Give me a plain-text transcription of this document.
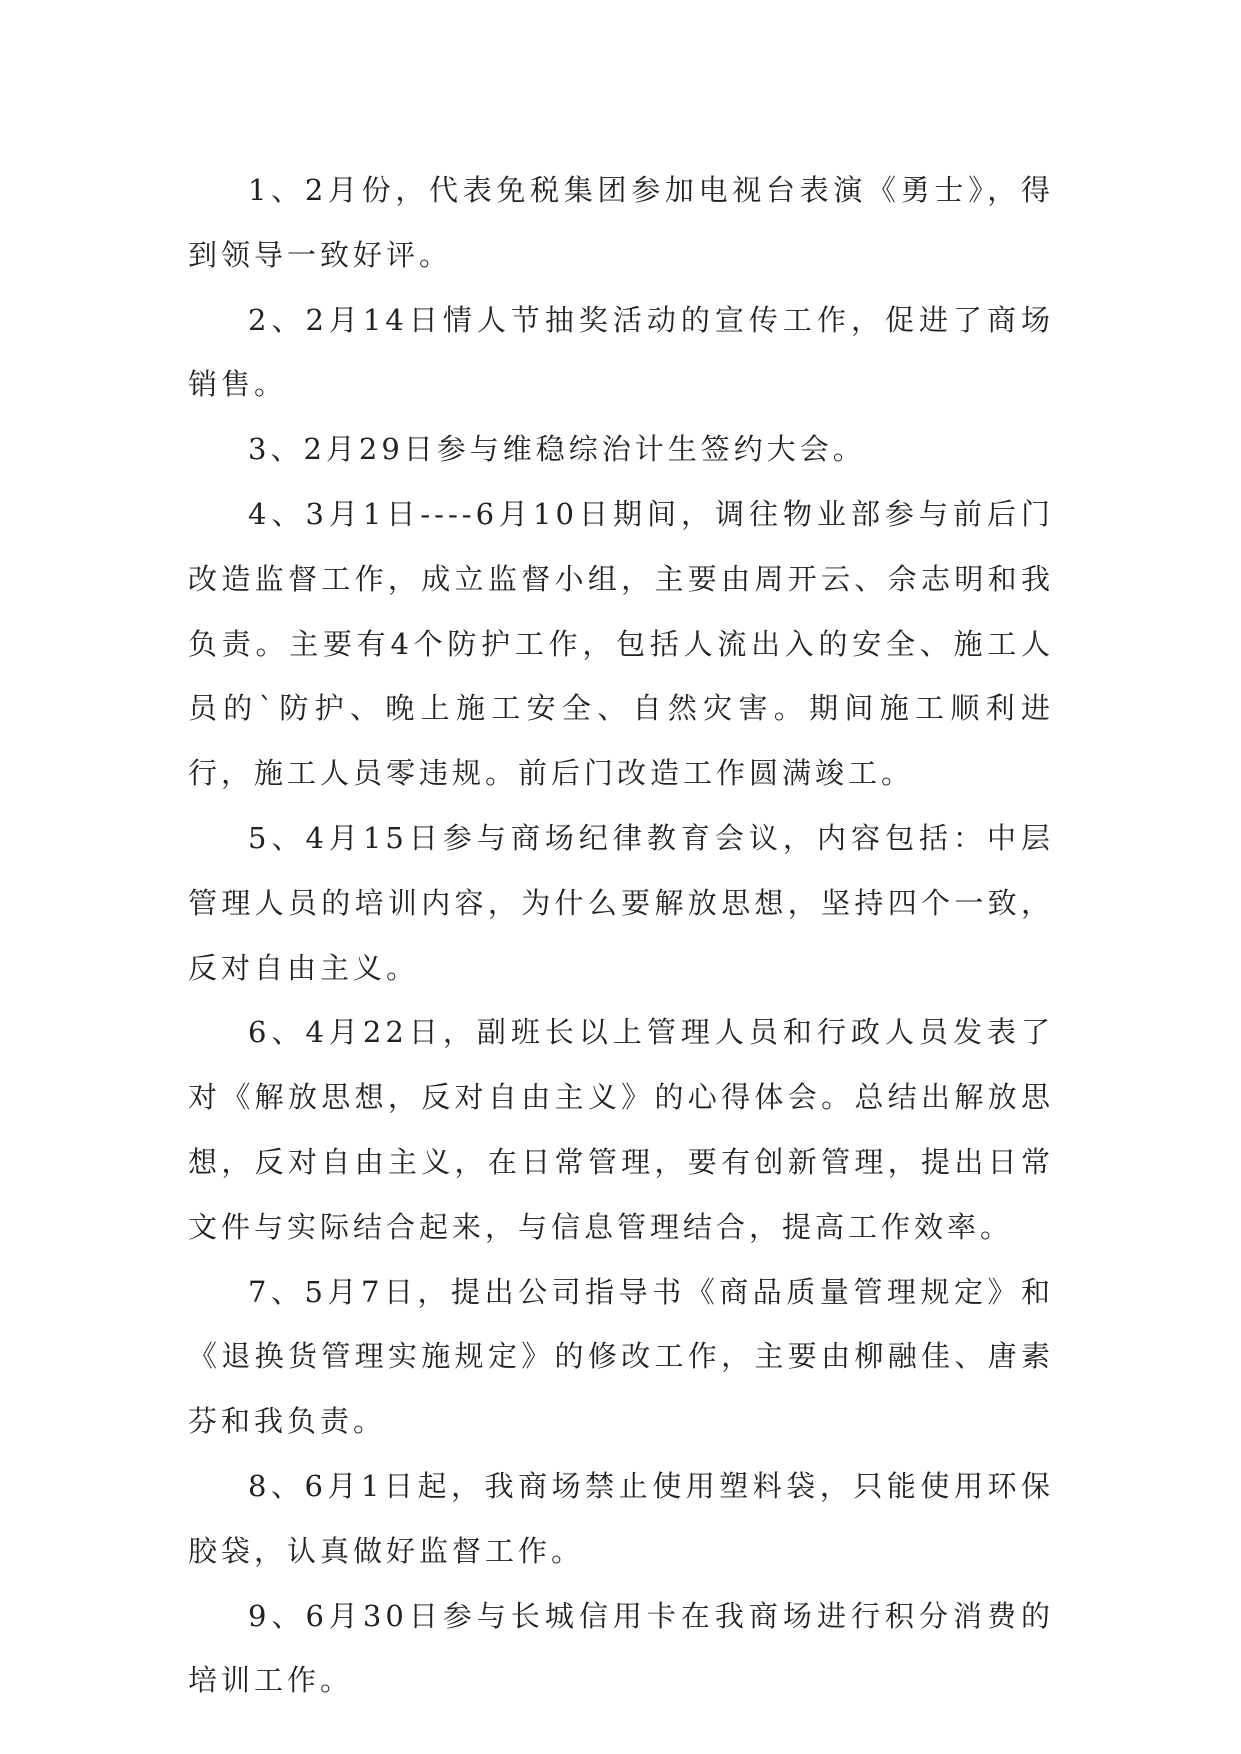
1、2月份，代表免税集团参加电视台表演《勇士》，得到领导一致好评。

2、2月14日情人节抽奖活动的宣传工作，促进了商场销售。

3、2月29日参与维稳综治计生签约大会。

4、3月1日----6月10日期间，调往物业部参与前后门改造监督工作，成立监督小组，主要由周开云、佘志明和我负责。主要有4个防护工作，包括人流出入的安全、施工人员的`防护、晚上施工安全、自然灾害。期间施工顺利进行，施工人员零违规。前后门改造工作圆满竣工。

5、4月15日参与商场纪律教育会议，内容包括：中层管理人员的培训内容，为什么要解放思想，坚持四个一致，反对自由主义。

6、4月22日，副班长以上管理人员和行政人员发表了对《解放思想，反对自由主义》的心得体会。总结出解放思想，反对自由主义，在日常管理，要有创新管理，提出日常文件与实际结合起来，与信息管理结合，提高工作效率。

7、5月7日，提出公司指导书《商品质量管理规定》和《退换货管理实施规定》的修改工作，主要由柳融佳、唐素芬和我负责。

8、6月1日起，我商场禁止使用塑料袋，只能使用环保胶袋，认真做好监督工作。

9、6月30日参与长城信用卡在我商场进行积分消费的培训工作。
